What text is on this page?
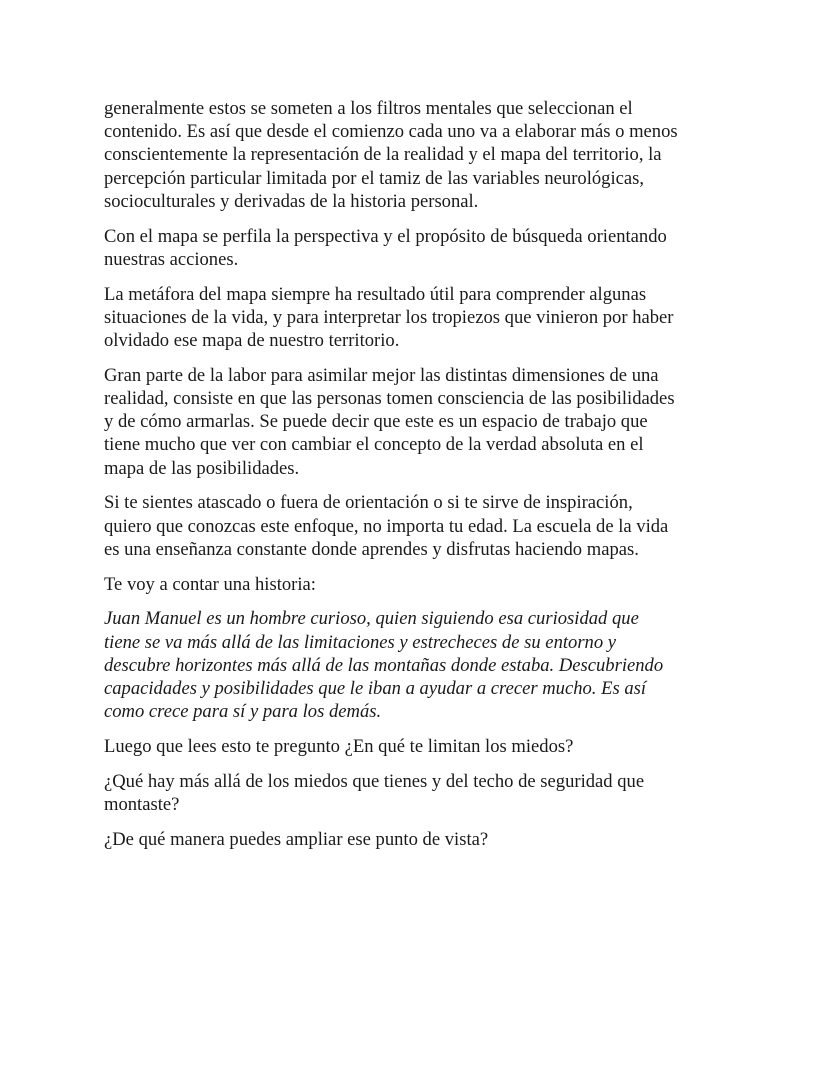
generalmente estos se someten a los filtros mentales que seleccionan el
contenido. Es así que desde el comienzo cada uno va a elaborar más o menos
conscientemente la representación de la realidad y el mapa del territorio, la
percepción particular limitada por el tamiz de las variables neurológicas,
socioculturales y derivadas de la historia personal.

Con el mapa se perfila la perspectiva y el propósito de búsqueda orientando
nuestras acciones.

La metáfora del mapa siempre ha resultado útil para comprender algunas
situaciones de la vida, y para interpretar los tropiezos que vinieron por haber
olvidado ese mapa de nuestro territorio.

Gran parte de la labor para asimilar mejor las distintas dimensiones de una
realidad, consiste en que las personas tomen consciencia de las posibilidades
y de cómo armarlas. Se puede decir que este es un espacio de trabajo que
tiene mucho que ver con cambiar el concepto de la verdad absoluta en el
mapa de las posibilidades.

Si te sientes atascado o fuera de orientación o si te sirve de inspiración,
quiero que conozcas este enfoque, no importa tu edad. La escuela de la vida
es una enseñanza constante donde aprendes y disfrutas haciendo mapas.

Te voy a contar una historia:

Juan Manuel es un hombre curioso, quien siguiendo esa curiosidad que
tiene se va más allá de las limitaciones y estrecheces de su entorno y
descubre horizontes más allá de las montañas donde estaba. Descubriendo
capacidades y posibilidades que le iban a ayudar a crecer mucho. Es así
como crece para sí y para los demás.

Luego que lees esto te pregunto ¿En qué te limitan los miedos?

¿Qué hay más allá de los miedos que tienes y del techo de seguridad que
montaste?

¿De qué manera puedes ampliar ese punto de vista?
